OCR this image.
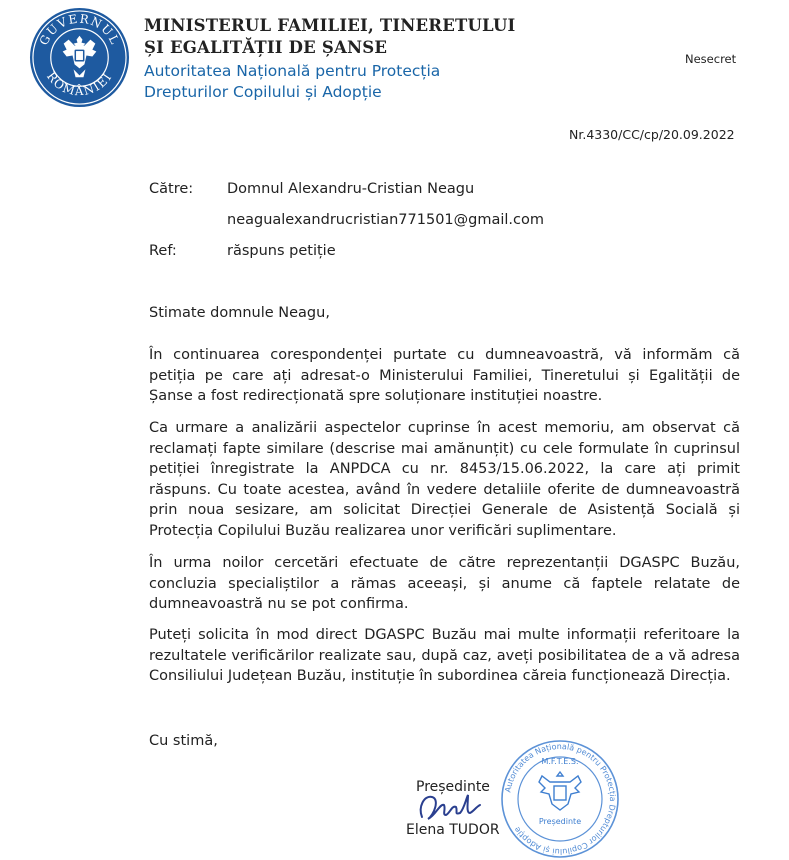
GUVERNUL
ROMÂNIEI
MINISTERUL FAMILIEI, TINERETULUI
ȘI EGALITĂȚII DE ȘANSE
Autoritatea Națională pentru Protecția
Drepturilor Copilului și Adopție
Nesecret
Nr.4330/CC/cp/20.09.2022
Către: Domnul Alexandru-Cristian Neagu
neagualexandrucristian771501@gmail.com
Ref:	răspuns petiție
Stimate domnule Neagu,
În continuarea corespondenței purtate cu dumneavoastră, vă informăm că petiția pe care ați adresat-o Ministerului Familiei, Tineretului și Egalității de Șanse a fost redirecționată spre soluționare instituției noastre.
Ca urmare a analizării aspectelor cuprinse în acest memoriu, am observat că reclamați fapte similare (descrise mai amănunțit) cu cele formulate în cuprinsul petiției înregistrate la ANPDCA cu nr. 8453/15.06.2022, la care ați primit răspuns. Cu toate acestea, având în vedere detaliile oferite de dumneavoastră prin noua sesizare, am solicitat Direcției Generale de Asistență Socială și Protecția Copilului Buzău realizarea unor verificări suplimentare.
În urma noilor cercetări efectuate de către reprezentanții DGASPC Buzău, concluzia specialiștilor a rămas aceeași, și anume că faptele relatate de dumneavoastră nu se pot confirma.
Puteți solicita în mod direct DGASPC Buzău mai multe informații referitoare la rezultatele verificărilor realizate sau, după caz, aveți posibilitatea de a vă adresa Consiliului Județean Buzău, instituție în subordinea căreia funcționează Direcția.
Cu stimă,
Președinte
Elena TUDOR
Autoritatea Națională pentru Protecția Drepturilor Copilului și Adopție
M.F.T.E.S.
Președinte
